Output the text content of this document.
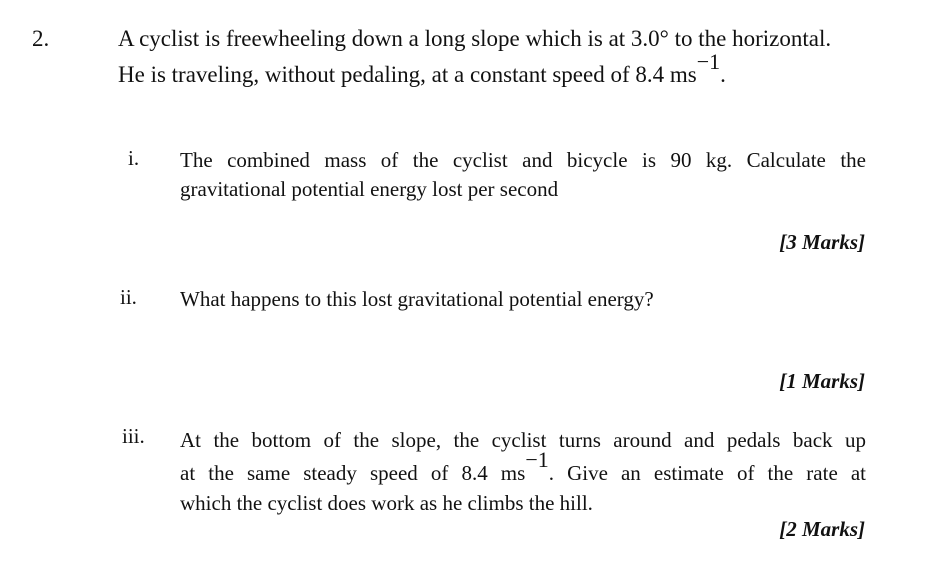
2.	A cyclist is freewheeling down a long slope which is at 3.0° to the horizontal.
He is traveling, without pedaling, at a constant speed of 8.4 ms−1.
i. The combined mass of the cyclist and bicycle is 90 kg. Calculate the
gravitational potential energy lost per second
[3 Marks]
ii. What happens to this lost gravitational potential energy?
[1 Marks]
iii. At the bottom of the slope, the cyclist turns around and pedals back up
at the same steady speed of 8.4 ms−1. Give an estimate of the rate at
which the cyclist does work as he climbs the hill.
[2 Marks]
